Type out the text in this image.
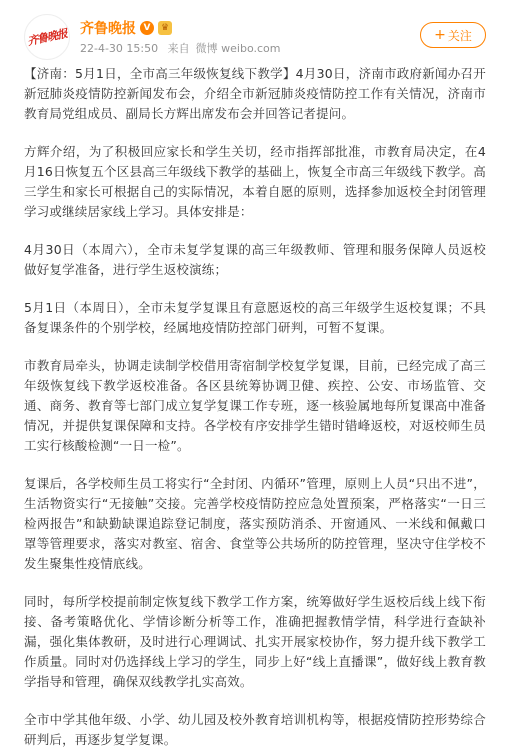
齐鲁晚报 齐鲁晚报 V	♛
22-4-30 15:50 来自 微博 weibo.com
+ 关注

【济南：5月1日，全市高三年级恢复线下教学】4月30日，济南市政府新闻办召开新冠肺炎疫情防控新闻发布会，介绍全市新冠肺炎疫情防控工作有关情况，济南市教育局党组成员、副局长方辉出席发布会并回答记者提问。

方辉介绍，为了积极回应家长和学生关切，经市指挥部批准，市教育局决定，在4月16日恢复五个区县高三年级线下教学的基础上，恢复全市高三年级线下教学。高三学生和家长可根据自己的实际情况，本着自愿的原则，选择参加返校全封闭管理学习或继续居家线上学习。具体安排是：

4月30日（本周六），全市未复学复课的高三年级教师、管理和服务保障人员返校做好复学准备，进行学生返校演练；

5月1日（本周日），全市未复学复课且有意愿返校的高三年级学生返校复课；不具备复课条件的个别学校，经属地疫情防控部门研判，可暂不复课。

市教育局牵头，协调走读制学校借用寄宿制学校复学复课，目前，已经完成了高三年级恢复线下教学返校准备。各区县统筹协调卫健、疾控、公安、市场监管、交通、商务、教育等七部门成立复学复课工作专班，逐一核验属地每所复课高中准备情况，并提供复课保障和支持。各学校有序安排学生错时错峰返校，对返校师生员工实行核酸检测“一日一检”。

复课后，各学校师生员工将实行“全封闭、内循环”管理，原则上人员“只出不进”，生活物资实行“无接触”交接。完善学校疫情防控应急处置预案，严格落实“一日三检两报告”和缺勤缺课追踪登记制度，落实预防消杀、开窗通风、一米线和佩戴口罩等管理要求，落实对教室、宿舍、食堂等公共场所的防控管理，坚决守住学校不发生聚集性疫情底线。

同时，每所学校提前制定恢复线下教学工作方案，统筹做好学生返校后线上线下衔接、备考策略优化、学情诊断分析等工作，准确把握教情学情，科学进行查缺补漏，强化集体教研，及时进行心理调试、扎实开展家校协作，努力提升线下教学工作质量。同时对仍选择线上学习的学生，同步上好“线上直播课”，做好线上教育教学指导和管理，确保双线教学扎实高效。

全市中学其他年级、小学、幼儿园及校外教育培训机构等，根据疫情防控形势综合研判后，再逐步复学复课。
